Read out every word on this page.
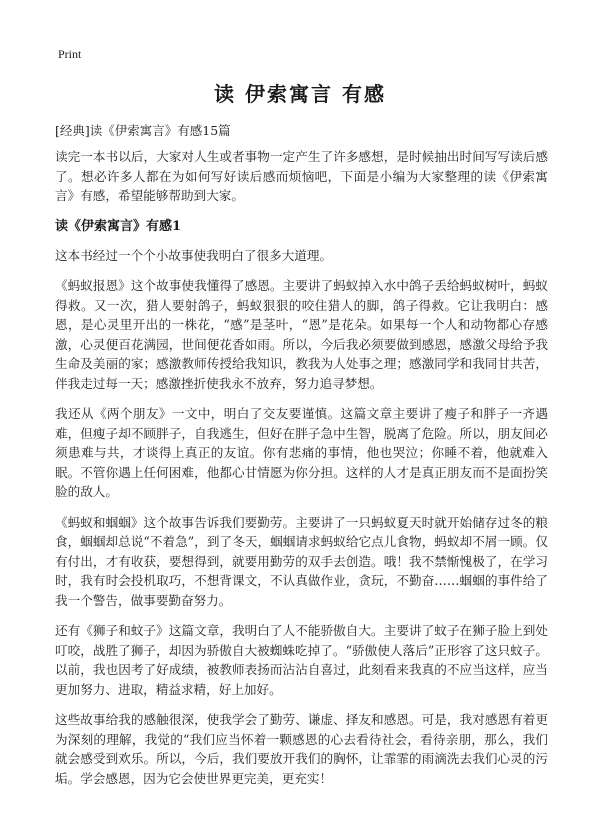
Print
读 伊索寓言 有感
[经典]读《伊索寓言》有感15篇

读完一本书以后，大家对人生或者事物一定产生了许多感想，是时候抽出时间写写读后感了。想必许多人都在为如何写好读后感而烦恼吧，下面是小编为大家整理的读《伊索寓言》有感，希望能够帮助到大家。

读《伊索寓言》有感1

这本书经过一个个小故事使我明白了很多大道理。

《蚂蚁报恩》这个故事使我懂得了感恩。主要讲了蚂蚁掉入水中鸽子丢给蚂蚁树叶，蚂蚁得救。又一次，猎人要射鸽子，蚂蚁狠狠的咬住猎人的脚，鸽子得救。它让我明白：感恩，是心灵里开出的一株花，“感”是茎叶，“恩”是花朵。如果每一个人和动物都心存感激，心灵便百花满园，世间便花香如雨。所以，今后我必须要做到感恩，感激父母给予我生命及美丽的家；感激教师传授给我知识，教我为人处事之理；感激同学和我同甘共苦，伴我走过每一天；感激挫折使我永不放弃，努力追寻梦想。

我还从《两个朋友》一文中，明白了交友要谨慎。这篇文章主要讲了瘦子和胖子一齐遇难，但瘦子却不顾胖子，自我逃生，但好在胖子急中生智，脱离了危险。所以，朋友间必须患难与共，才谈得上真正的友谊。你有悲痛的事情，他也哭泣；你睡不着，他就难入眠。不管你遇上任何困难，他都心甘情愿为你分担。这样的人才是真正朋友而不是面扮笑脸的敌人。

《蚂蚁和蝈蝈》这个故事告诉我们要勤劳。主要讲了一只蚂蚁夏天时就开始储存过冬的粮食，蝈蝈却总说“不着急”，到了冬天，蝈蝈请求蚂蚁给它点儿食物，蚂蚁却不屑一顾。仅有付出，才有收获，要想得到，就要用勤劳的双手去创造。哦！我不禁惭愧极了，在学习时，我有时会投机取巧，不想背课文，不认真做作业，贪玩，不勤奋……蝈蝈的事件给了我一个警告，做事要勤奋努力。

还有《狮子和蚊子》这篇文章，我明白了人不能骄傲自大。主要讲了蚊子在狮子脸上到处叮咬，战胜了狮子，却因为骄傲自大被蜘蛛吃掉了。“骄傲使人落后”正形容了这只蚊子。以前，我也因考了好成绩，被教师表扬而沾沾自喜过，此刻看来我真的不应当这样，应当更加努力、进取，精益求精，好上加好。

这些故事给我的感触很深，使我学会了勤劳、谦虚、择友和感恩。可是，我对感恩有着更为深刻的理解，我觉的“我们应当怀着一颗感恩的心去看待社会，看待亲朋，那么，我们就会感受到欢乐。所以，今后，我们要放开我们的胸怀，让霏霏的雨滴洗去我们心灵的污垢。学会感恩，因为它会使世界更完美，更充实！
